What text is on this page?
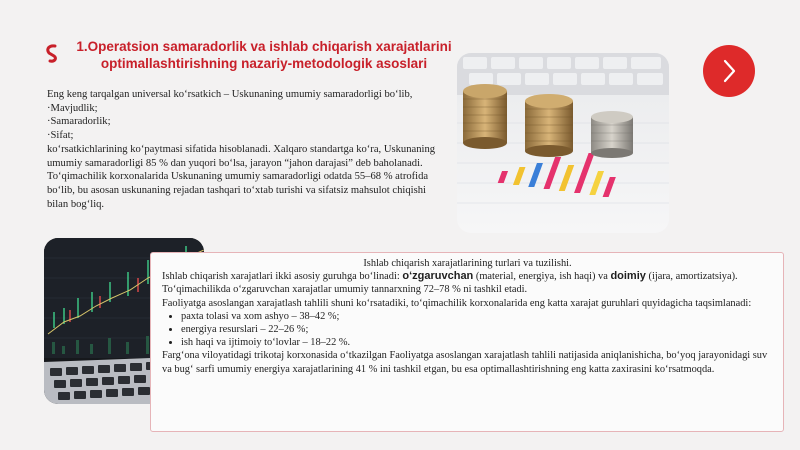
1.Operatsion samaradorlik va ishlab chiqarish xarajatlarini
optimallashtirishning nazariy-metodologik asoslari

Eng keng tarqalgan universal ko‘rsatkich – Uskunaning umumiy samaradorligi bo‘lib,

·Mavjudlik;

·Samaradorlik;

·Sifat;

ko‘rsatkichlarining ko‘paytmasi sifatida hisoblanadi. Xalqaro standartga ko‘ra, Uskunaning umumiy samaradorligi 85 % dan yuqori bo‘lsa, jarayon “jahon darajasi” deb baholanadi. To‘qimachilik korxonalarida Uskunaning umumiy samaradorligi odatda 55–68 % atrofida bo‘lib, bu asosan uskunaning rejadan tashqari to‘xtab turishi va sifatsiz mahsulot chiqishi bilan bog‘liq.

Ishlab chiqarish xarajatlarining turlari va tuzilishi.

Ishlab chiqarish xarajatlari ikki asosiy guruhga bo‘linadi: o‘zgaruvchan (material, energiya, ish haqi) va doimiy (ijara, amortizatsiya).

To‘qimachilikda o‘zgaruvchan xarajatlar umumiy tannarxning 72–78 % ni tashkil etadi.

Faoliyatga asoslangan xarajatlash tahlili shuni ko‘rsatadiki, to‘qimachilik korxonalarida eng katta xarajat guruhlari quyidagicha taqsimlanadi:

• paxta tolasi va xom ashyo – 38–42 %;
• energiya resurslari – 22–26 %;
• ish haqi va ijtimoiy to‘lovlar – 18–22 %.

Farg‘ona viloyatidagi trikotaj korxonasida o‘tkazilgan Faoliyatga asoslangan xarajatlash tahlili natijasida aniqlanishicha, bo‘yoq jarayonidagi suv va bug‘ sarfi umumiy energiya xarajatlarining 41 % ini tashkil etgan, bu esa optimallashtirishning eng katta zaxirasini ko‘rsatmoqda.
